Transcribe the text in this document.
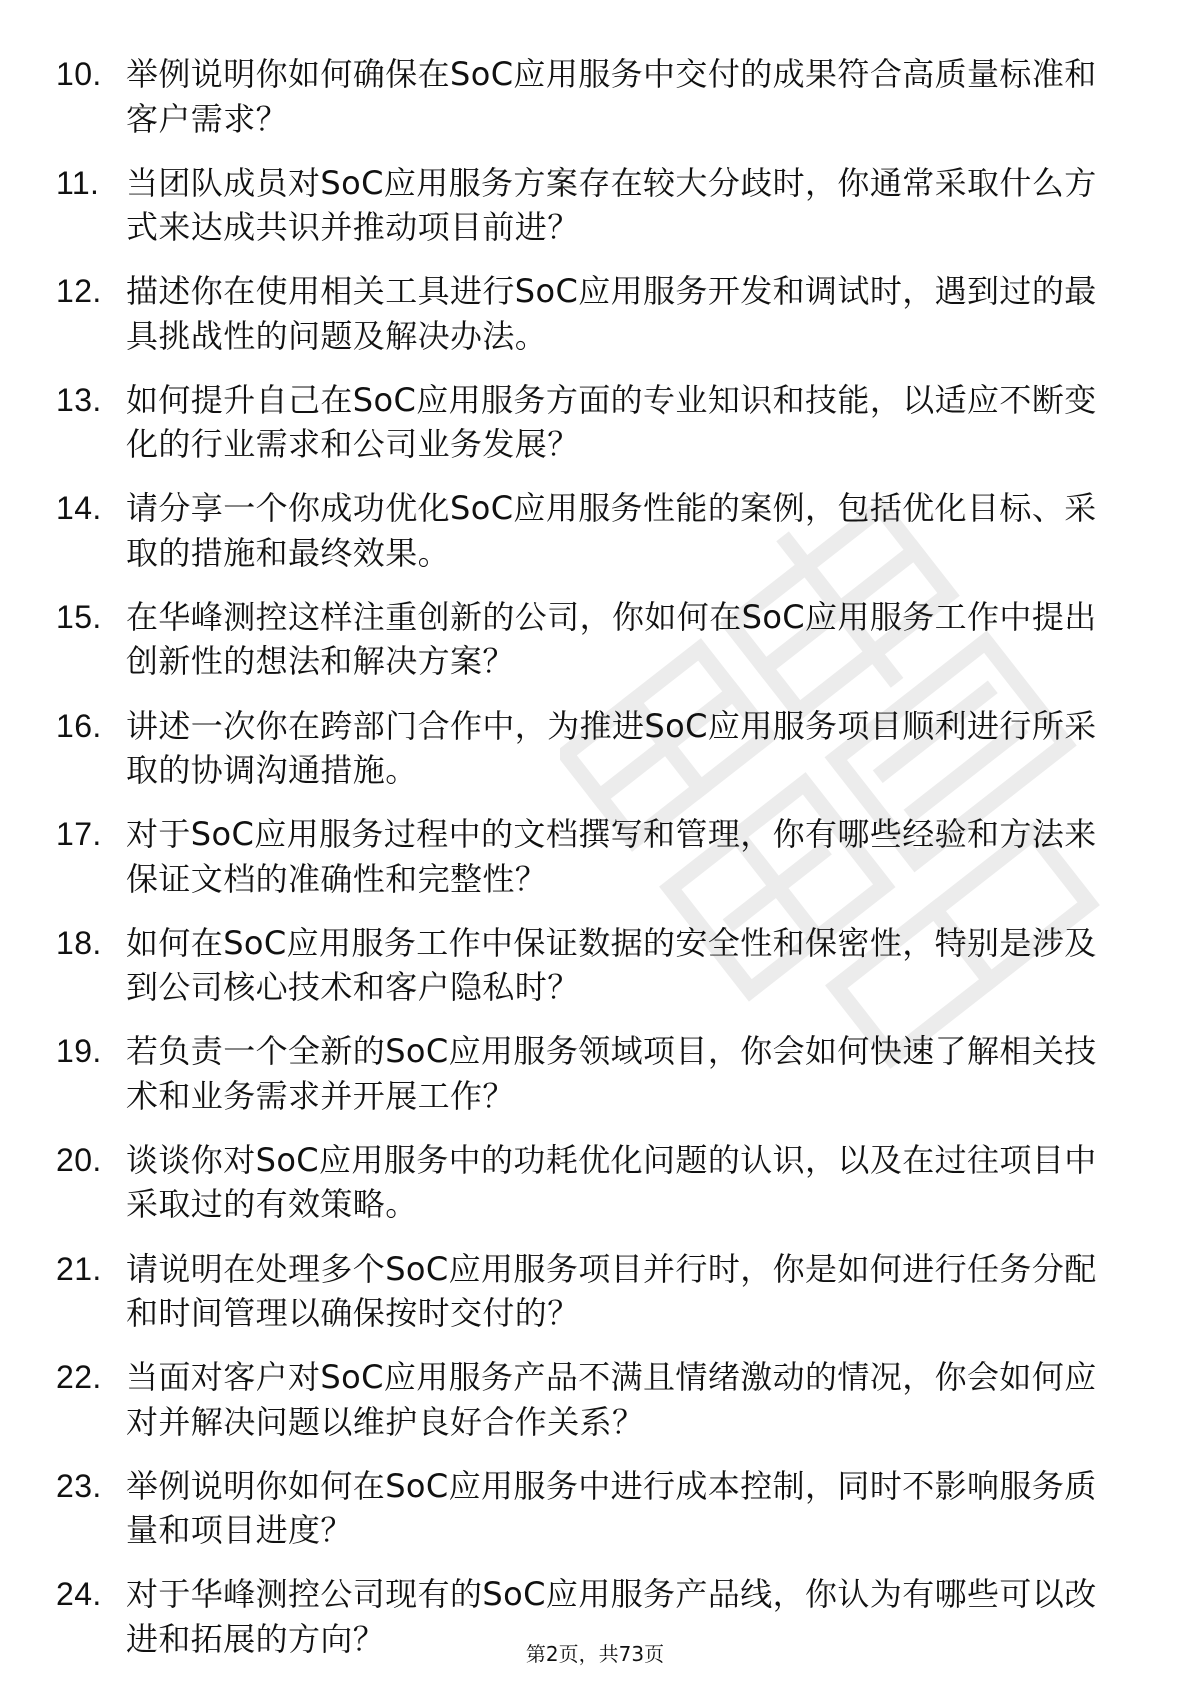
10. 举例说明你如何确保在SoC应用服务中交付的成果符合高质量标准和客户需求？
11. 当团队成员对SoC应用服务方案存在较大分歧时，你通常采取什么方式来达成共识并推动项目前进？
12. 描述你在使用相关工具进行SoC应用服务开发和调试时，遇到过的最具挑战性的问题及解决办法。
13. 如何提升自己在SoC应用服务方面的专业知识和技能，以适应不断变化的行业需求和公司业务发展？
14. 请分享一个你成功优化SoC应用服务性能的案例，包括优化目标、采取的措施和最终效果。
15. 在华峰测控这样注重创新的公司，你如何在SoC应用服务工作中提出创新性的想法和解决方案？
16. 讲述一次你在跨部门合作中，为推进SoC应用服务项目顺利进行所采取的协调沟通措施。
17. 对于SoC应用服务过程中的文档撰写和管理，你有哪些经验和方法来保证文档的准确性和完整性？
18. 如何在SoC应用服务工作中保证数据的安全性和保密性，特别是涉及到公司核心技术和客户隐私时？
19. 若负责一个全新的SoC应用服务领域项目，你会如何快速了解相关技术和业务需求并开展工作？
20. 谈谈你对SoC应用服务中的功耗优化问题的认识，以及在过往项目中采取过的有效策略。
21. 请说明在处理多个SoC应用服务项目并行时，你是如何进行任务分配和时间管理以确保按时交付的？
22. 当面对客户对SoC应用服务产品不满且情绪激动的情况，你会如何应对并解决问题以维护良好合作关系？
23. 举例说明你如何在SoC应用服务中进行成本控制，同时不影响服务质量和项目进度？
24. 对于华峰测控公司现有的SoC应用服务产品线，你认为有哪些可以改进和拓展的方向？	第2页，共73页
